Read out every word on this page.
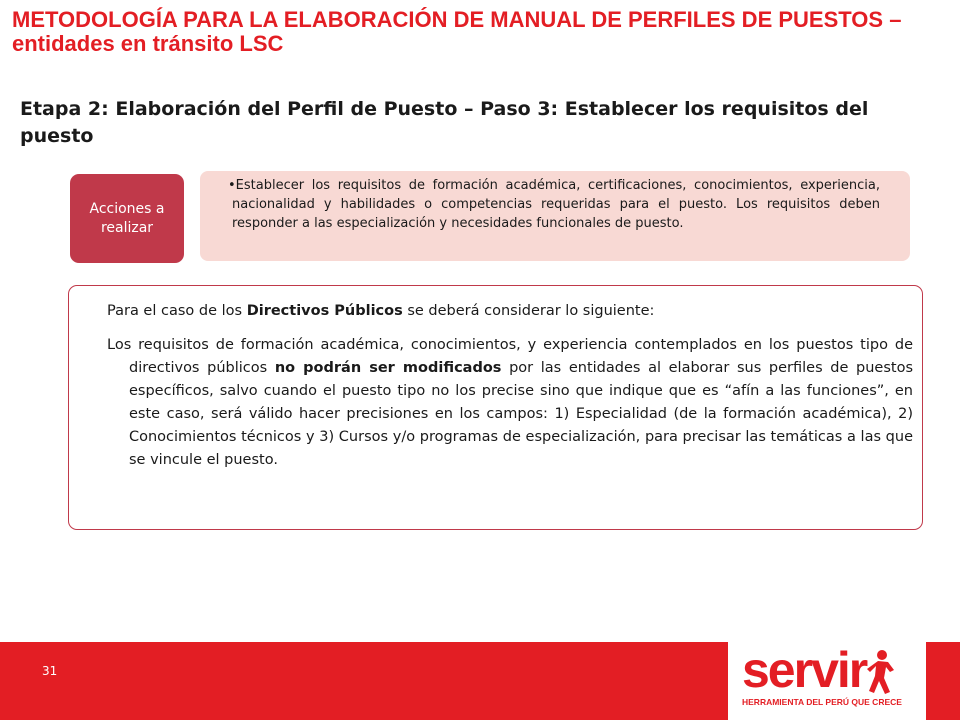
METODOLOGÍA PARA LA ELABORACIÓN DE MANUAL DE PERFILES DE PUESTOS – entidades en tránsito LSC
Etapa 2: Elaboración del Perfil de Puesto – Paso 3: Establecer los requisitos del puesto
Acciones a realizar

•Establecer los requisitos de formación académica, certificaciones, conocimientos, experiencia, nacionalidad y habilidades o competencias requeridas para el puesto. Los requisitos deben responder a las especialización y necesidades funcionales de puesto.

Para el caso de los Directivos Públicos se deberá considerar lo siguiente:

Los requisitos de formación académica, conocimientos, y experiencia contemplados en los puestos tipo de directivos públicos no podrán ser modificados por las entidades al elaborar sus perfiles de puestos específicos, salvo cuando el puesto tipo no los precise sino que indique que es “afín a las funciones”, en este caso, será válido hacer precisiones en los campos: 1) Especialidad (de la formación académica), 2) Conocimientos técnicos y 3) Cursos y/o programas de especialización, para precisar las temáticas a las que se vincule el puesto.

31	servir
HERRAMIENTA DEL PERÚ QUE CRECE
